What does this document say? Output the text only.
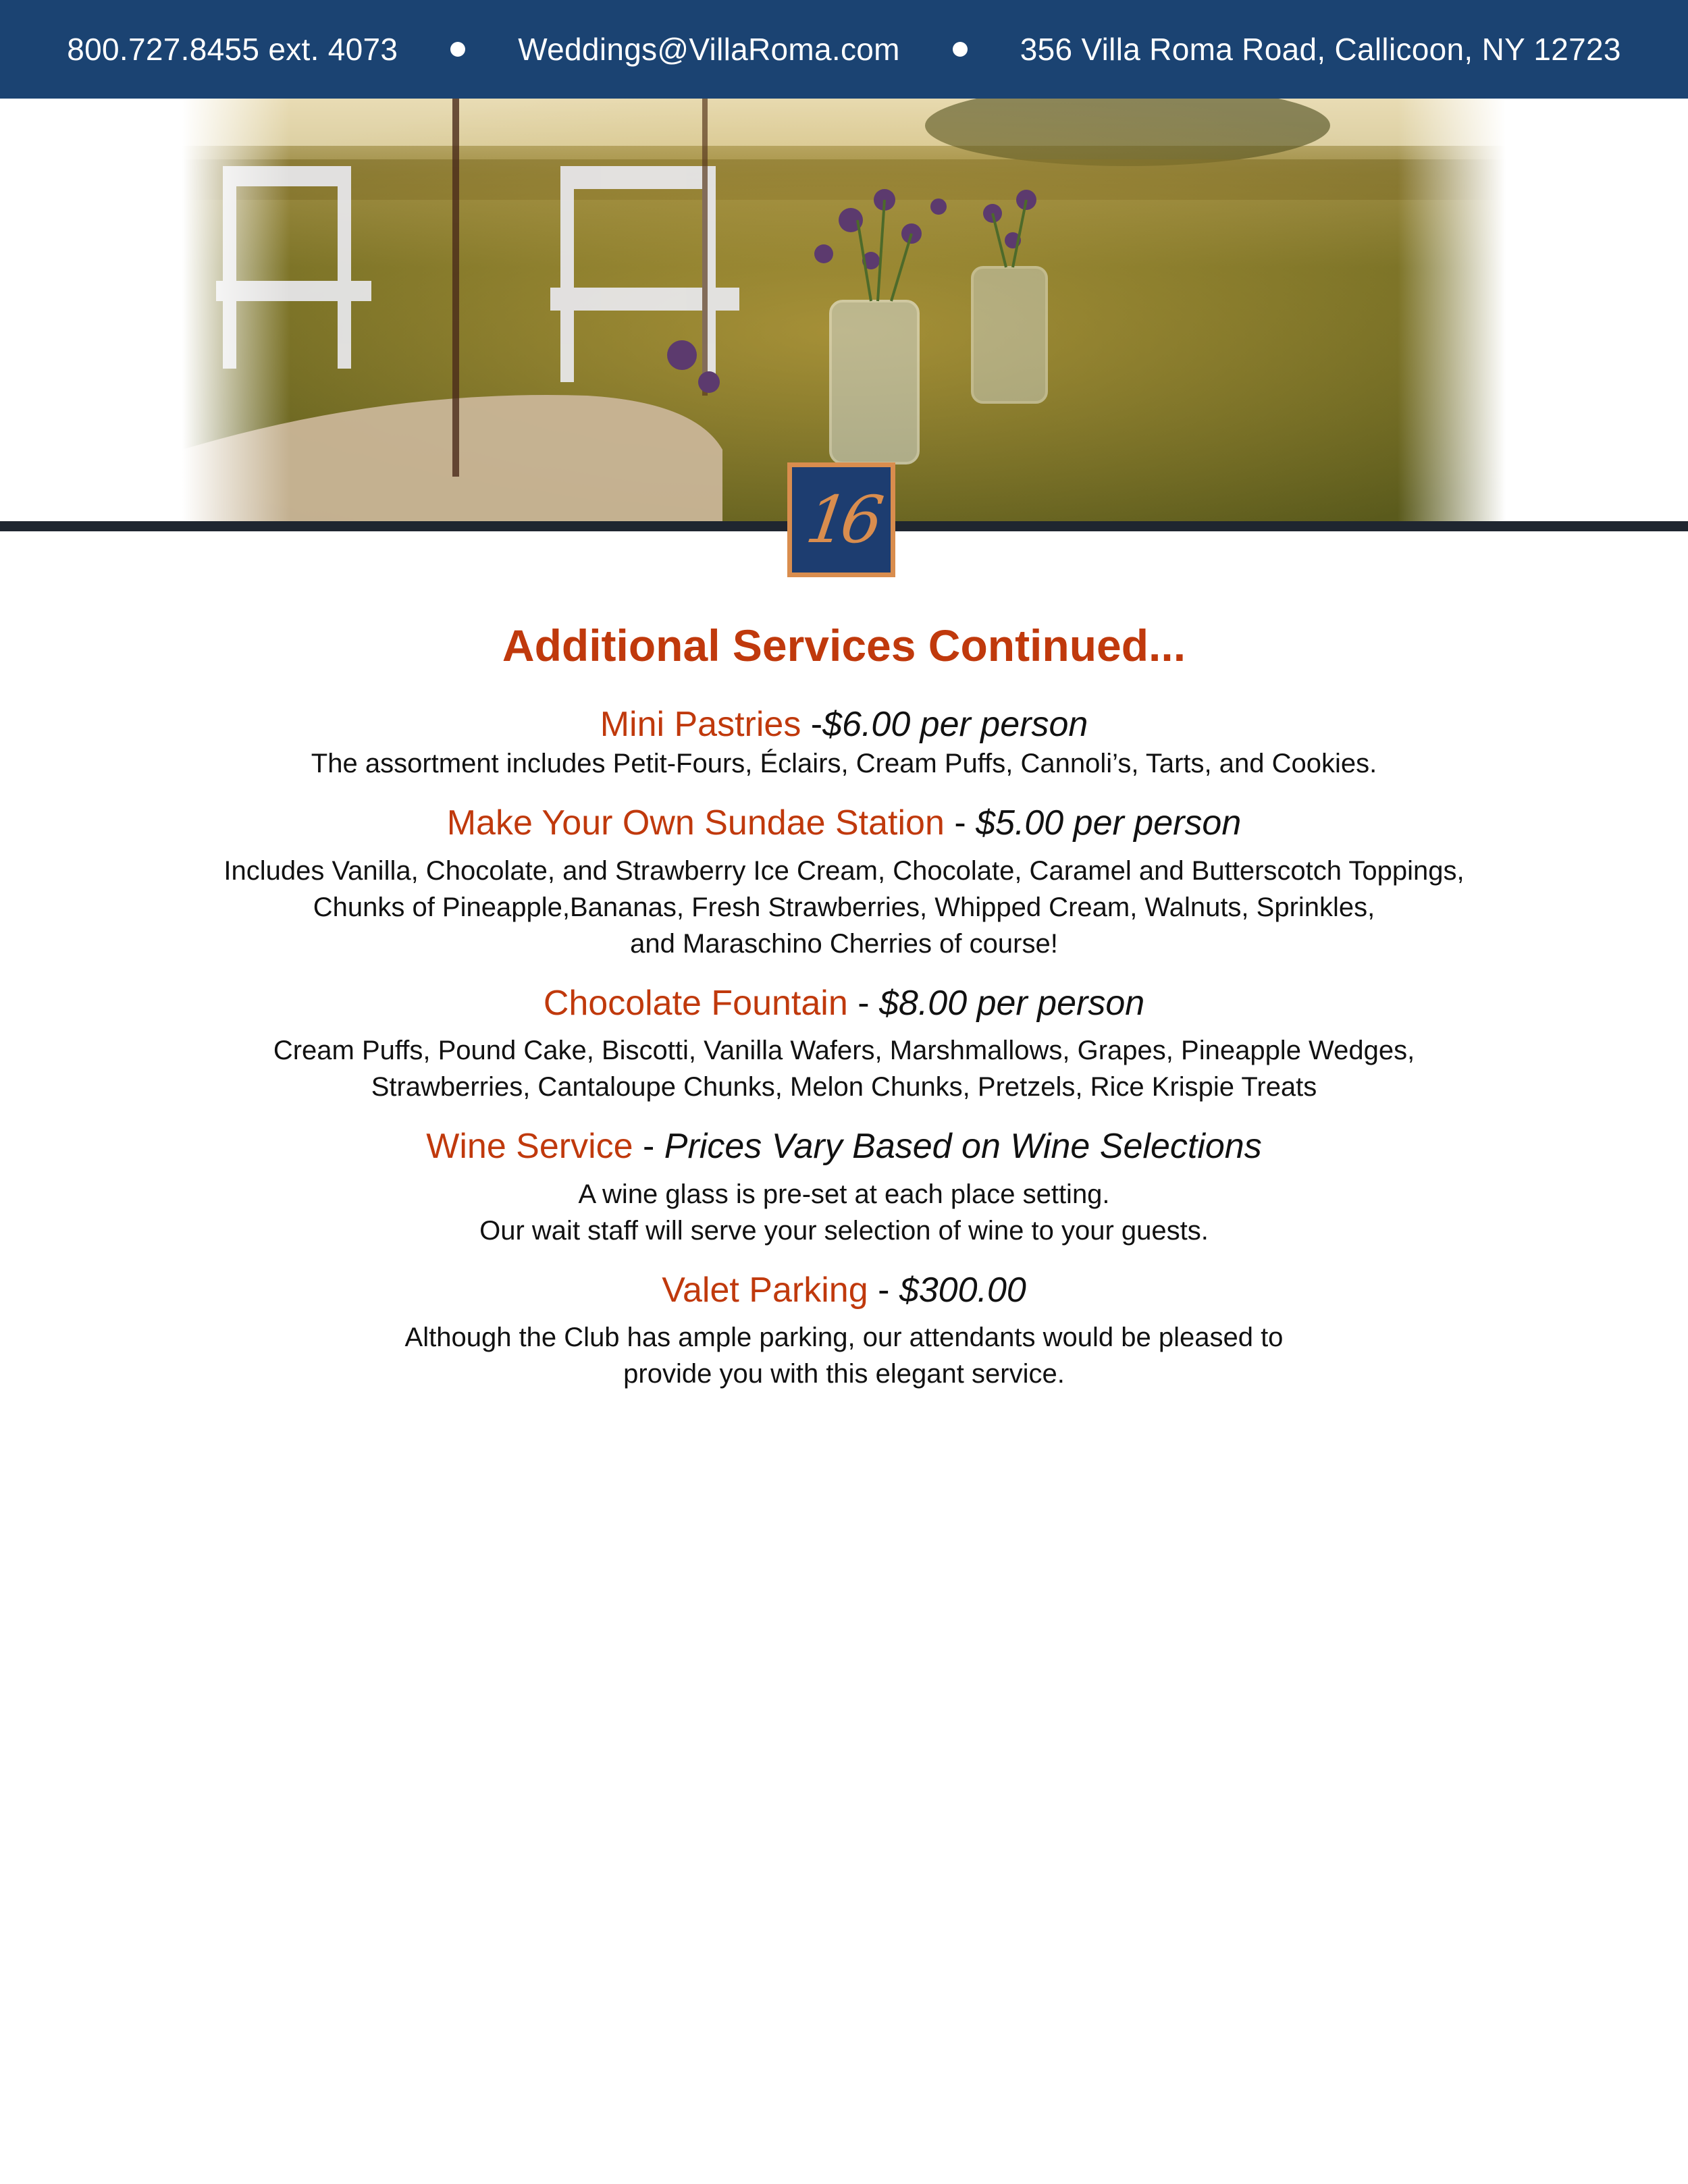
800.727.8455 ext. 4073	Weddings@VillaRoma.com	356 Villa Roma Road, Callicoon, NY 12723
16
Additional Services Continued...

Mini Pastries -$6.00 per person

The assortment includes Petit-Fours, Éclairs, Cream Puffs, Cannoli’s, Tarts, and Cookies.

Make Your Own Sundae Station - $5.00 per person

Includes Vanilla, Chocolate, and Strawberry Ice Cream, Chocolate, Caramel and Butterscotch Toppings,

Chunks of Pineapple,Bananas, Fresh Strawberries, Whipped Cream, Walnuts, Sprinkles,

and Maraschino Cherries of course!

Chocolate Fountain - $8.00 per person

Cream Puffs, Pound Cake, Biscotti, Vanilla Wafers, Marshmallows, Grapes, Pineapple Wedges,

Strawberries, Cantaloupe Chunks, Melon Chunks, Pretzels, Rice Krispie Treats

Wine Service - Prices Vary Based on Wine Selections

A wine glass is pre-set at each place setting.

Our wait staff will serve your selection of wine to your guests.

Valet Parking - $300.00

Although the Club has ample parking, our attendants would be pleased to

provide you with this elegant service.
